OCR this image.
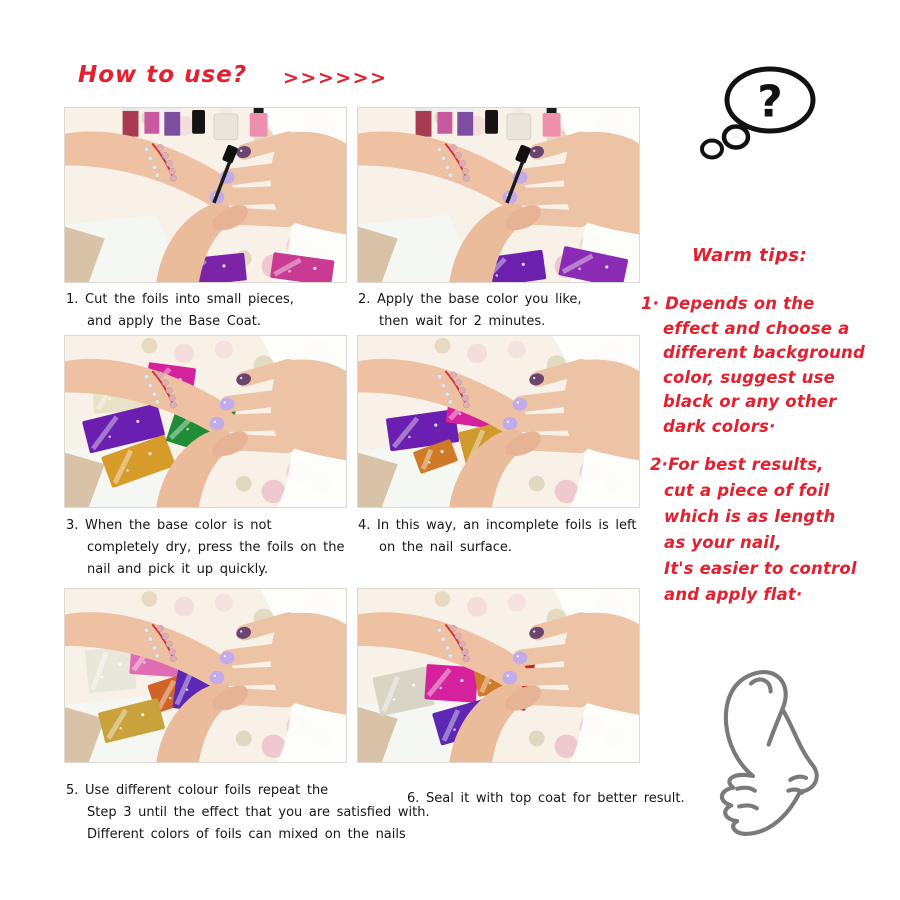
How to use? >>>>>>	?
1. Cut the foils into small pieces,
and apply the Base Coat.
2. Apply the base color you like,
then wait for 2 minutes.
3. When the base color is not
completely dry, press the foils on the
nail and pick it up quickly.
4. In this way, an incomplete foils is left
on the nail surface.
5. Use different colour foils repeat the
Step 3 until the effect that you are satisfied with.
Different colors of foils can mixed on the nails
6. Seal it with top coat for better result.
Warm tips:
1· Depends on the
effect and choose a
different background
color, suggest use
black or any other
dark colors·
2·For best results,
cut a piece of foil
which is as length
as your nail,
It's easier to control
and apply flat·
